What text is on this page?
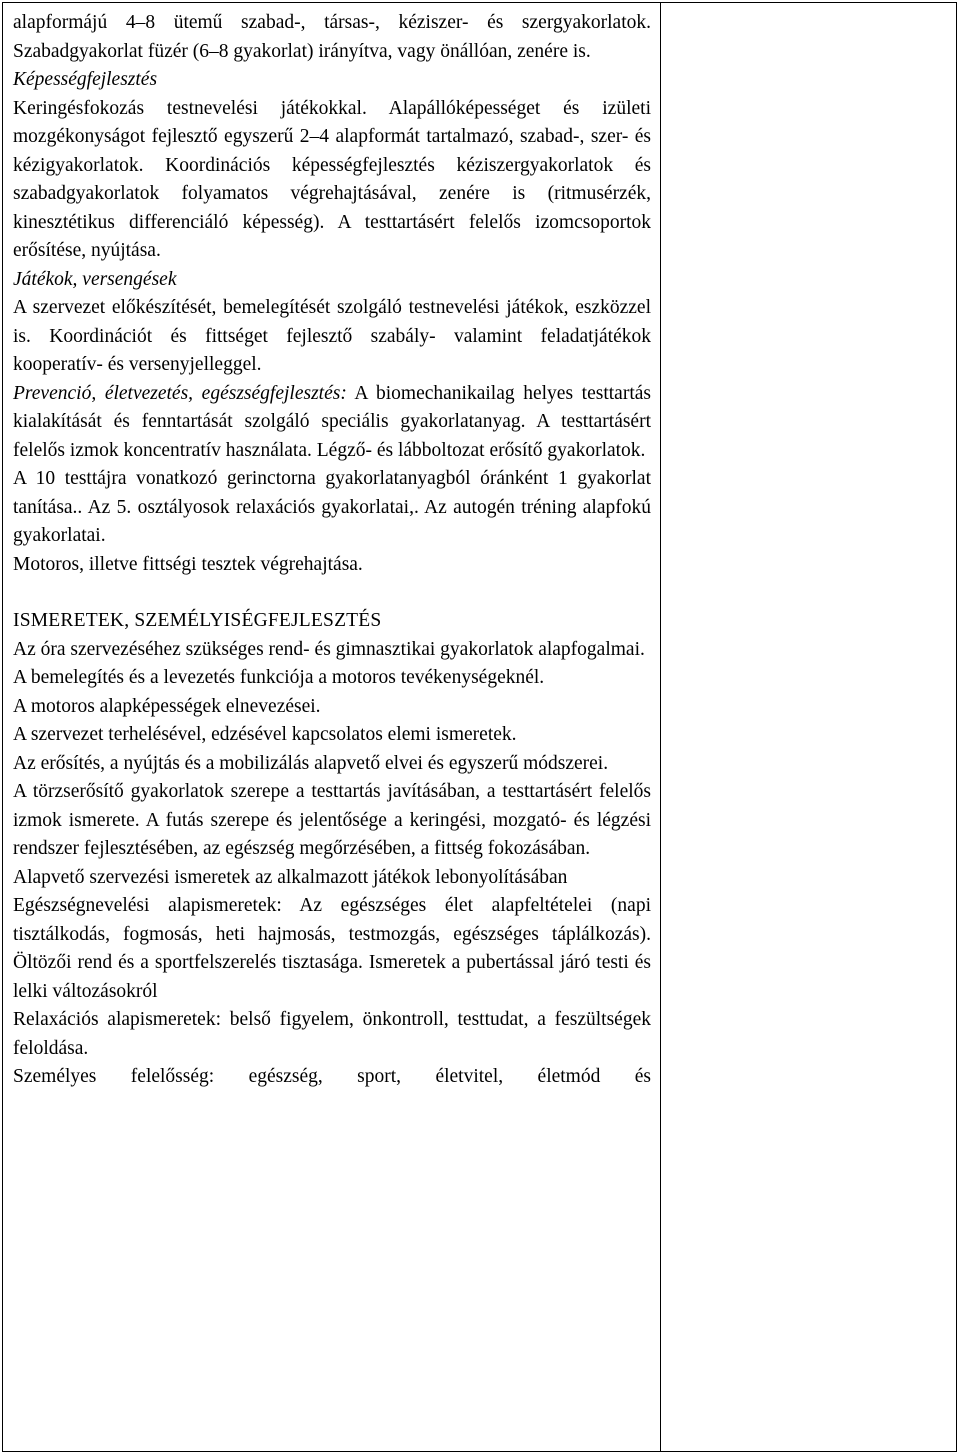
alapformájú 4–8 ütemű szabad-, társas-, kéziszer- és szergyakorlatok. Szabadgyakorlat füzér (6–8 gyakorlat) irányítva, vagy önállóan, zenére is.

Képességfejlesztés

Keringésfokozás testnevelési játékokkal. Alapállóképességet és izületi mozgékonyságot fejlesztő egyszerű 2–4 alapformát tartalmazó, szabad-, szer- és kézigyakorlatok. Koordinációs képességfejlesztés kéziszergyakorlatok és szabadgyakorlatok folyamatos végrehajtásával, zenére is (ritmusérzék, kinesztétikus differenciáló képesség). A testtartásért felelős izomcsoportok erősítése, nyújtása.

Játékok, versengések

A szervezet előkészítését, bemelegítését szolgáló testnevelési játékok, eszközzel is. Koordinációt és fittséget fejlesztő szabály- valamint feladatjátékok kooperatív- és versenyjelleggel.

Prevenció, életvezetés, egészségfejlesztés: A biomechanikailag helyes testtartás kialakítását és fenntartását szolgáló speciális gyakorlatanyag. A testtartásért felelős izmok koncentratív használata. Légző- és lábboltozat erősítő gyakorlatok.

A 10 testtájra vonatkozó gerinctorna gyakorlatanyagból óránként 1 gyakorlat tanítása.. Az 5. osztályosok relaxációs gyakorlatai,. Az autogén tréning alapfokú gyakorlatai.

Motoros, illetve fittségi tesztek végrehajtása.

ISMERETEK, SZEMÉLYISÉGFEJLESZTÉS

Az óra szervezéséhez szükséges rend- és gimnasztikai gyakorlatok alapfogalmai.

A bemelegítés és a levezetés funkciója a motoros tevékenységeknél.

A motoros alapképességek elnevezései.

A szervezet terhelésével, edzésével kapcsolatos elemi ismeretek.

Az erősítés, a nyújtás és a mobilizálás alapvető elvei és egyszerű módszerei.

A törzserősítő gyakorlatok szerepe a testtartás javításában, a testtartásért felelős izmok ismerete. A futás szerepe és jelentősége a keringési, mozgató- és légzési rendszer fejlesztésében, az egészség megőrzésében, a fittség fokozásában.

Alapvető szervezési ismeretek az alkalmazott játékok lebonyolításában

Egészségnevelési alapismeretek: Az egészséges élet alapfeltételei (napi tisztálkodás, fogmosás, heti hajmosás, testmozgás, egészséges táplálkozás). Öltözői rend és a sportfelszerelés tisztasága. Ismeretek a pubertással járó testi és lelki változásokról

Relaxációs alapismeretek: belső figyelem, önkontroll, testtudat, a feszültségek feloldása.

Személyes felelősség: egészség, sport, életvitel, életmód és
